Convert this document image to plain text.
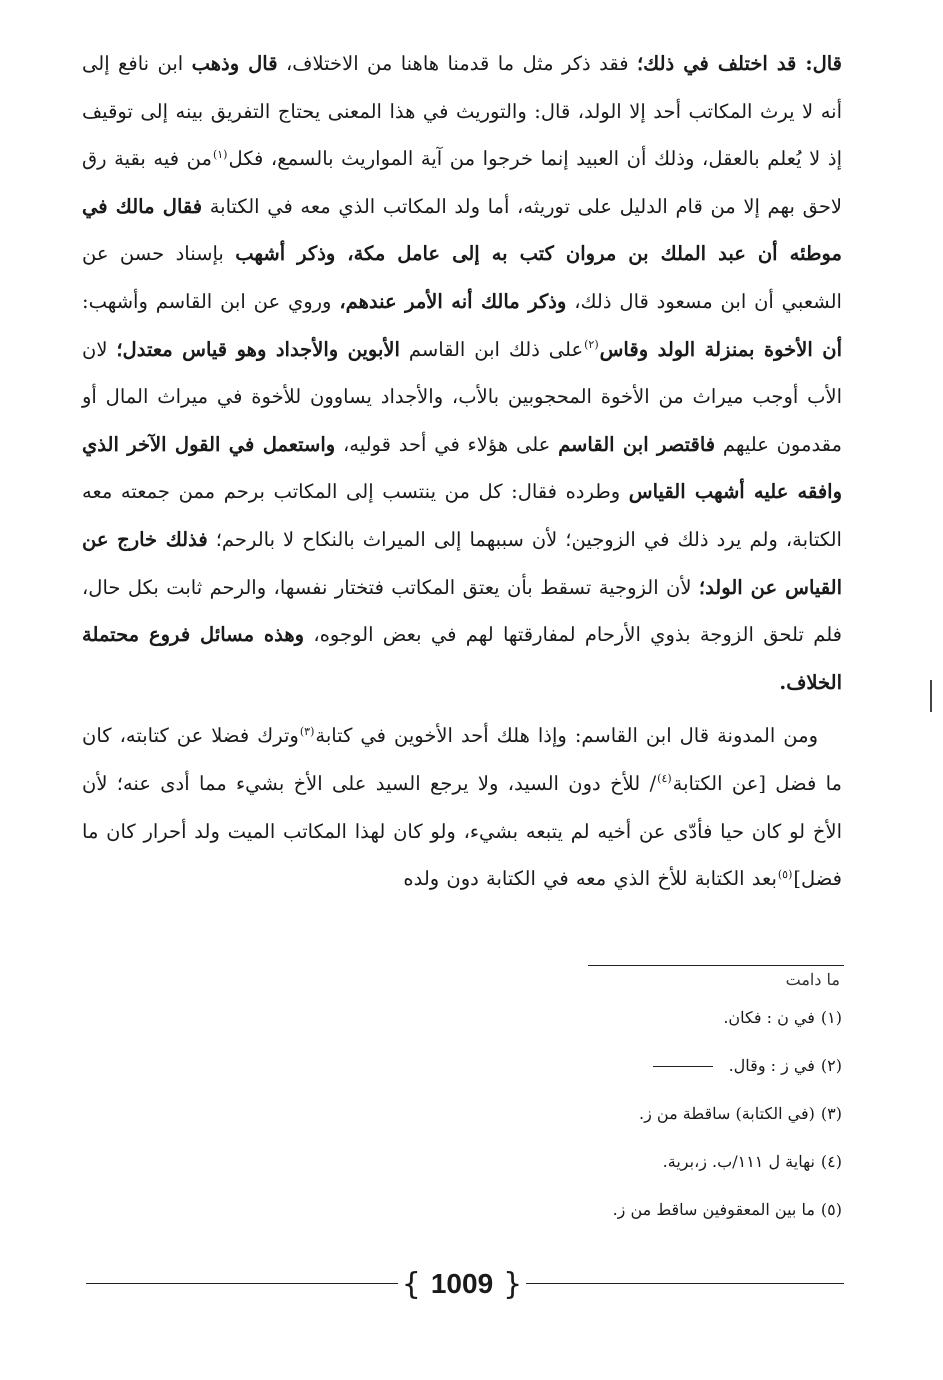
قال: قد اختلف في ذلك؛ فقد ذكر مثل ما قدمنا هاهنا من الاختلاف، قال وذهب ابن نافع إلى أنه لا يرث المكاتب أحد إلا الولد، قال: والتوريث في هذا المعنى يحتاج التفريق بينه إلى توقيف إذ لا يُعلم بالعقل، وذلك أن العبيد إنما خرجوا من آية المواريث بالسمع، فكل$^{(١)}$من فيه بقية رق لاحق بهم إلا من قام الدليل على توريثه، أما ولد المكاتب الذي معه في الكتابة فقال مالك في موطئه أن عبد الملك بن مروان كتب به إلى عامل مكة، وذكر أشهب بإسناد حسن عن الشعبي أن ابن مسعود قال ذلك، وذكر مالك أنه الأمر عندهم، وروي عن ابن القاسم وأشهب: أن الأخوة بمنزلة الولد وقاس$^{(٢)}$على ذلك ابن القاسم الأبوين والأجداد وهو قياس معتدل؛ لان الأب أوجب ميراث من الأخوة المحجوبين بالأب، والأجداد يساوون للأخوة في ميراث المال أو مقدمون عليهم فاقتصر ابن القاسم على هؤلاء في أحد قوليه، واستعمل في القول الآخر الذي وافقه عليه أشهب القياس وطرده فقال: كل من ينتسب إلى المكاتب برحم ممن جمعته معه الكتابة، ولم يرد ذلك في الزوجين؛ لأن سببهما إلى الميراث بالنكاح لا بالرحم؛ فذلك خارج عن القياس عن الولد؛ لأن الزوجية تسقط بأن يعتق المكاتب فتختار نفسها، والرحم ثابت بكل حال، فلم تلحق الزوجة بذوي الأرحام لمفارقتها لهم في بعض الوجوه، وهذه مسائل فروع محتملة الخلاف.

ومن المدونة قال ابن القاسم: وإذا هلك أحد الأخوين في كتابة$^{(٣)}$وترك فضلا عن كتابته، كان ما فضل [عن الكتابة$^{(٤)}$/ للأخ دون السيد، ولا يرجع السيد على الأخ بشيء مما أدى عنه؛ لأن الأخ لو كان حيا فأدّى عن أخيه لم يتبعه بشيء، ولو كان لهذا المكاتب الميت ولد أحرار كان ما فضل]$^{(٥)}$بعد الكتابة للأخ الذي معه في الكتابة دون ولده

ما دامت
(١)
في ن : فكان.
(٢)
في ز : وقال.
(٣)
(في الكتابة) ساقطة من ز.
(٤)
نهاية ل ١١١/ب. ز،برية.
(٥)
ما بين المعقوفين ساقط من ز.
{ 1009 }
